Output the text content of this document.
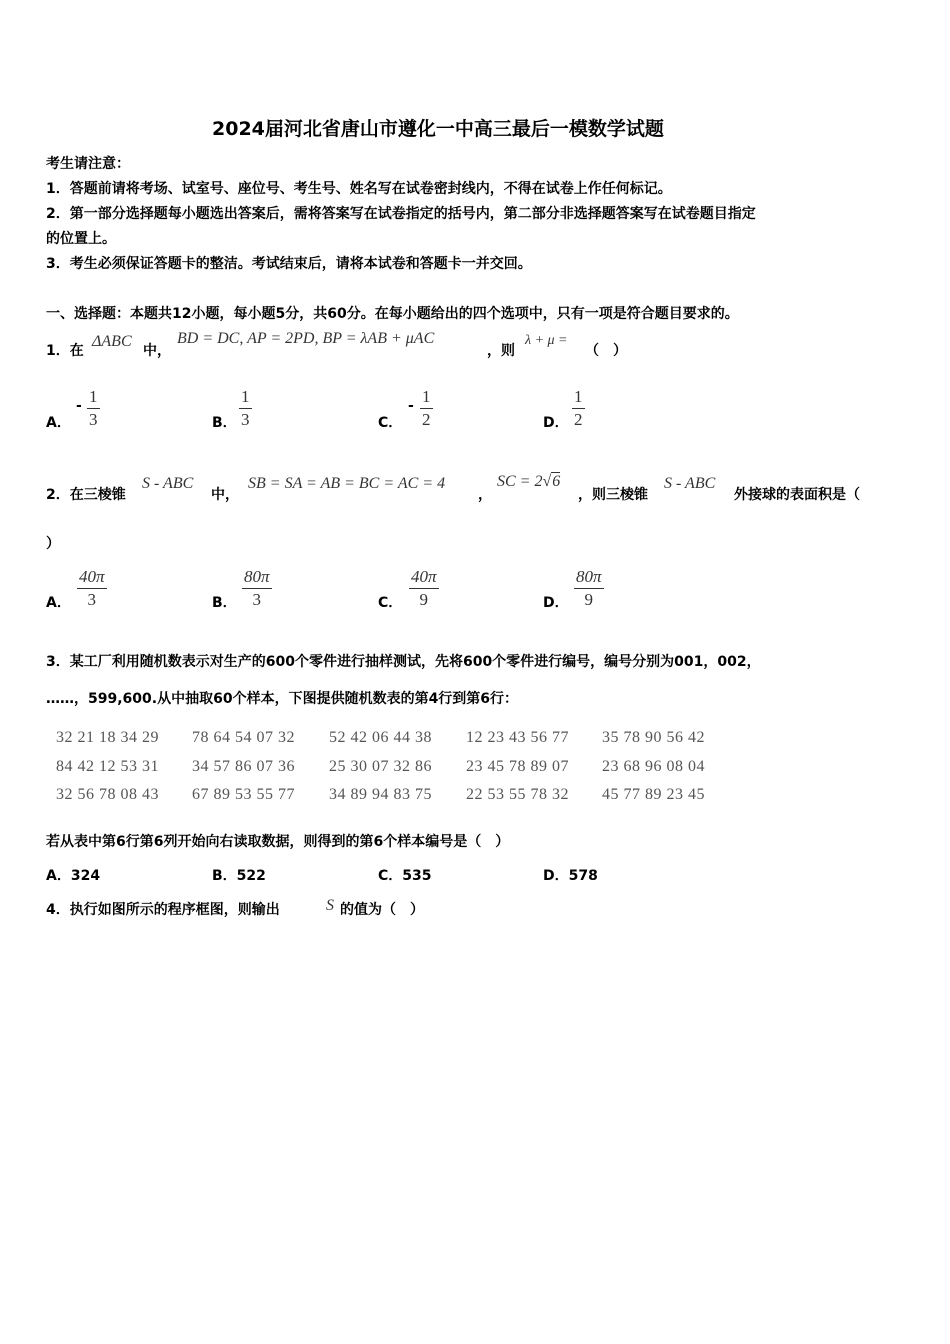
2024届河北省唐山市遵化一中高三最后一模数学试题
考生请注意：
1．答题前请将考场、试室号、座位号、考生号、姓名写在试卷密封线内，不得在试卷上作任何标记。
2．第一部分选择题每小题选出答案后，需将答案写在试卷指定的括号内，第二部分非选择题答案写在试卷题目指定
的位置上。
3．考生必须保证答题卡的整洁。考试结束后，请将本试卷和答题卡一并交回。
一、选择题：本题共12小题，每小题5分，共60分。在每小题给出的四个选项中，只有一项是符合题目要求的。
1．在
ΔABC
中，
BD = DC, AP = 2PD, BP = λAB + μAC
，则
λ + μ =
（　）
A．
- 1
3	B．
1
3	C．
- 1
2	D．
1
2
2．在三棱锥
S - ABC
中，
SB = SA = AB = BC = AC = 4
，
SC = 2√6
，则三棱锥
S - ABC
外接球的表面积是（
）
A．
40π
3	B．
80π
3	C．
40π
9	D．
80π
9
3．某工厂利用随机数表示对生产的600个零件进行抽样测试，先将600个零件进行编号，编号分别为001，002，
……，599,600.从中抽取60个样本，下图提供随机数表的第4行到第6行：
32 21 18 34 29 78 64 54 07 32 52 42 06 44 38 12 23 43 56 77 35 78 90 56 42
84 42 12 53 31 34 57 86 07 36 25 30 07 32 86 23 45 78 89 07 23 68 96 08 04
32 56 78 08 43 67 89 53 55 77 34 89 94 83 75 22 53 55 78 32 45 77 89 23 45
若从表中第6行第6列开始向右读取数据，则得到的第6个样本编号是（　）
A．324	B．522	C．535	D．578
4．执行如图所示的程序框图，则输出	S 的值为（　）
